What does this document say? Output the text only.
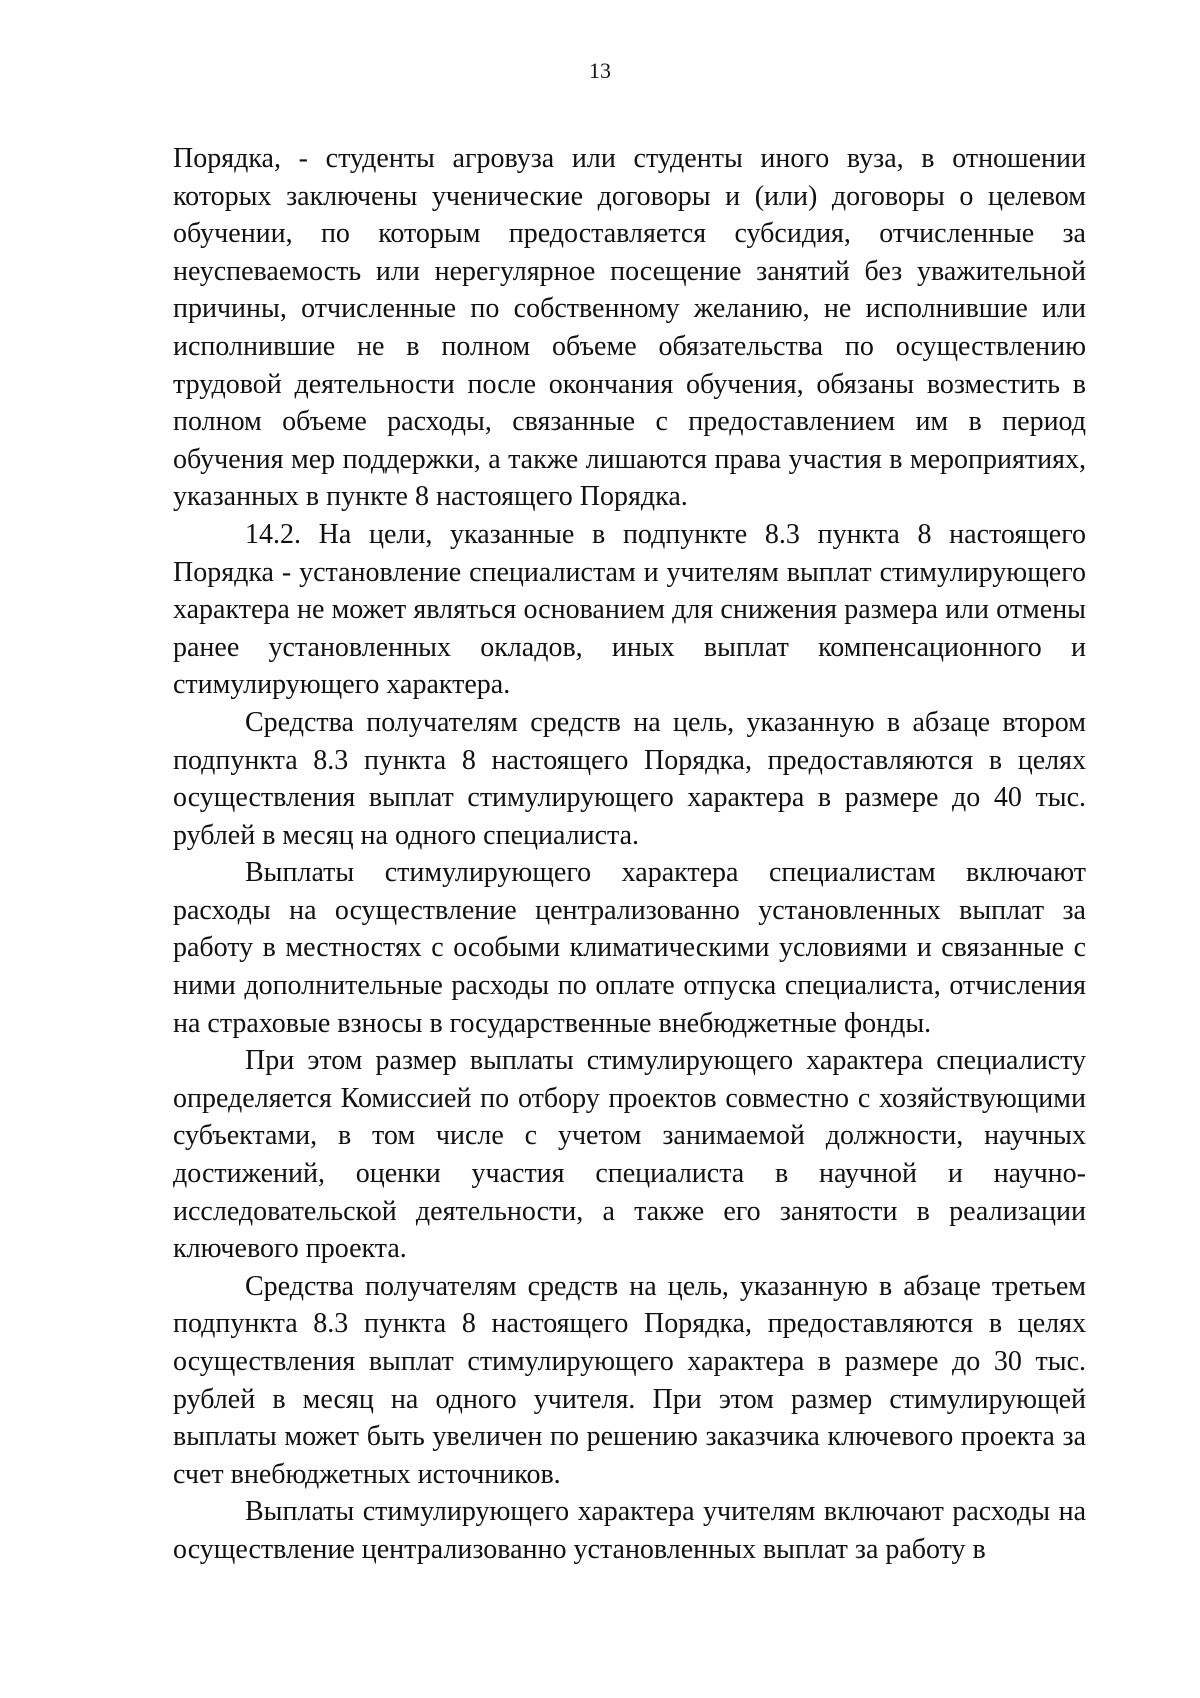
13

Порядка, - студенты агровуза или студенты иного вуза, в отношении которых заключены ученические договоры и (или) договоры о целевом обучении, по которым предоставляется субсидия, отчисленные за неуспеваемость или нерегулярное посещение занятий без уважительной причины, отчисленные по собственному желанию, не исполнившие или исполнившие не в полном объеме обязательства по осуществлению трудовой деятельности после окончания обучения, обязаны возместить в полном объеме расходы, связанные с предоставлением им в период обучения мер поддержки, а также лишаются права участия в мероприятиях, указанных в пункте 8 настоящего Порядка.

14.2. На цели, указанные в подпункте 8.3 пункта 8 настоящего Порядка - установление специалистам и учителям выплат стимулирующего характера не может являться основанием для снижения размера или отмены ранее установленных окладов, иных выплат компенсационного и стимулирующего характера.

Средства получателям средств на цель, указанную в абзаце втором подпункта 8.3 пункта 8 настоящего Порядка, предоставляются в целях осуществления выплат стимулирующего характера в размере до 40 тыс. рублей в месяц на одного специалиста.

Выплаты стимулирующего характера специалистам включают расходы на осуществление централизованно установленных выплат за работу в местностях с особыми климатическими условиями и связанные с ними дополнительные расходы по оплате отпуска специалиста, отчисления на страховые взносы в государственные внебюджетные фонды.

При этом размер выплаты стимулирующего характера специалисту определяется Комиссией по отбору проектов совместно с хозяйствующими субъектами, в том числе с учетом занимаемой должности, научных достижений, оценки участия специалиста в научной и научно-исследовательской деятельности, а также его занятости в реализации ключевого проекта.

Средства получателям средств на цель, указанную в абзаце третьем подпункта 8.3 пункта 8 настоящего Порядка, предоставляются в целях осуществления выплат стимулирующего характера в размере до 30 тыс. рублей в месяц на одного учителя. При этом размер стимулирующей выплаты может быть увеличен по решению заказчика ключевого проекта за счет внебюджетных источников.

Выплаты стимулирующего характера учителям включают расходы на осуществление централизованно установленных выплат за работу в
